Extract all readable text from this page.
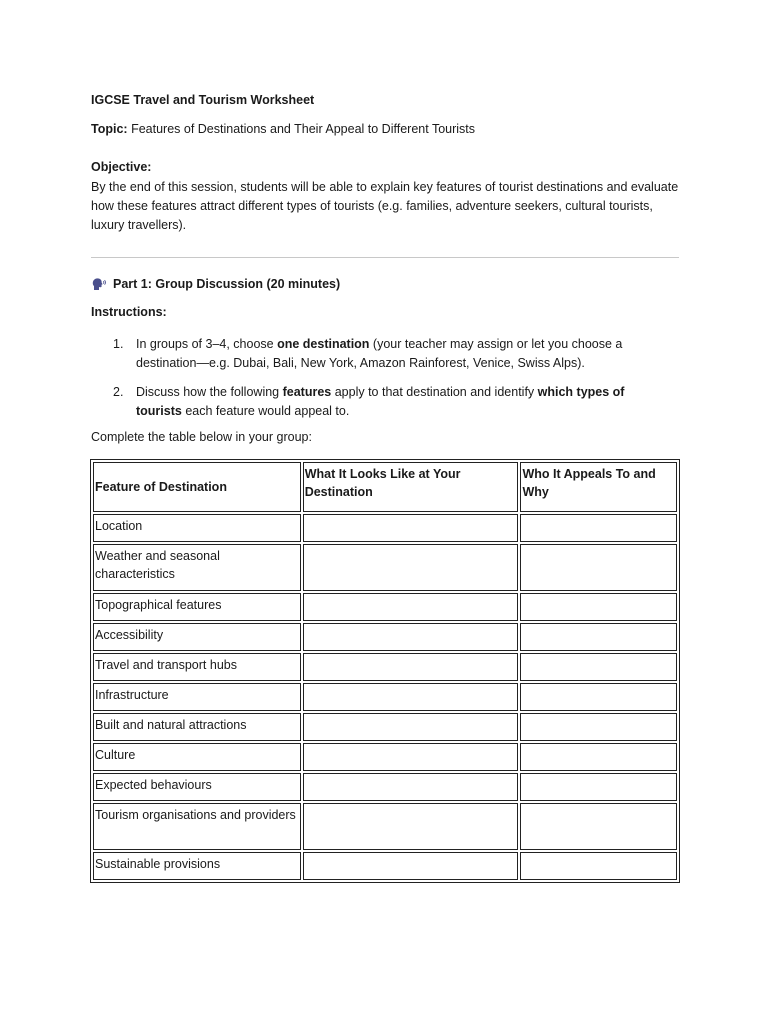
IGCSE Travel and Tourism Worksheet
Topic: Features of Destinations and Their Appeal to Different Tourists
Objective:
By the end of this session, students will be able to explain key features of tourist destinations and evaluate how these features attract different types of tourists (e.g. families, adventure seekers, cultural tourists, luxury travellers).
Part 1: Group Discussion (20 minutes)
Instructions:
1. In groups of 3–4, choose one destination (your teacher may assign or let you choose a destination—e.g. Dubai, Bali, New York, Amazon Rainforest, Venice, Swiss Alps).
2. Discuss how the following features apply to that destination and identify which types of tourists each feature would appeal to.
Complete the table below in your group:
Feature of Destination	What It Looks Like at Your Destination	Who It Appeals To and Why
Location		
Weather and seasonal characteristics		
Topographical features		
Accessibility		
Travel and transport hubs		
Infrastructure		
Built and natural attractions		
Culture		
Expected behaviours		
Tourism organisations and providers		
Sustainable provisions		
